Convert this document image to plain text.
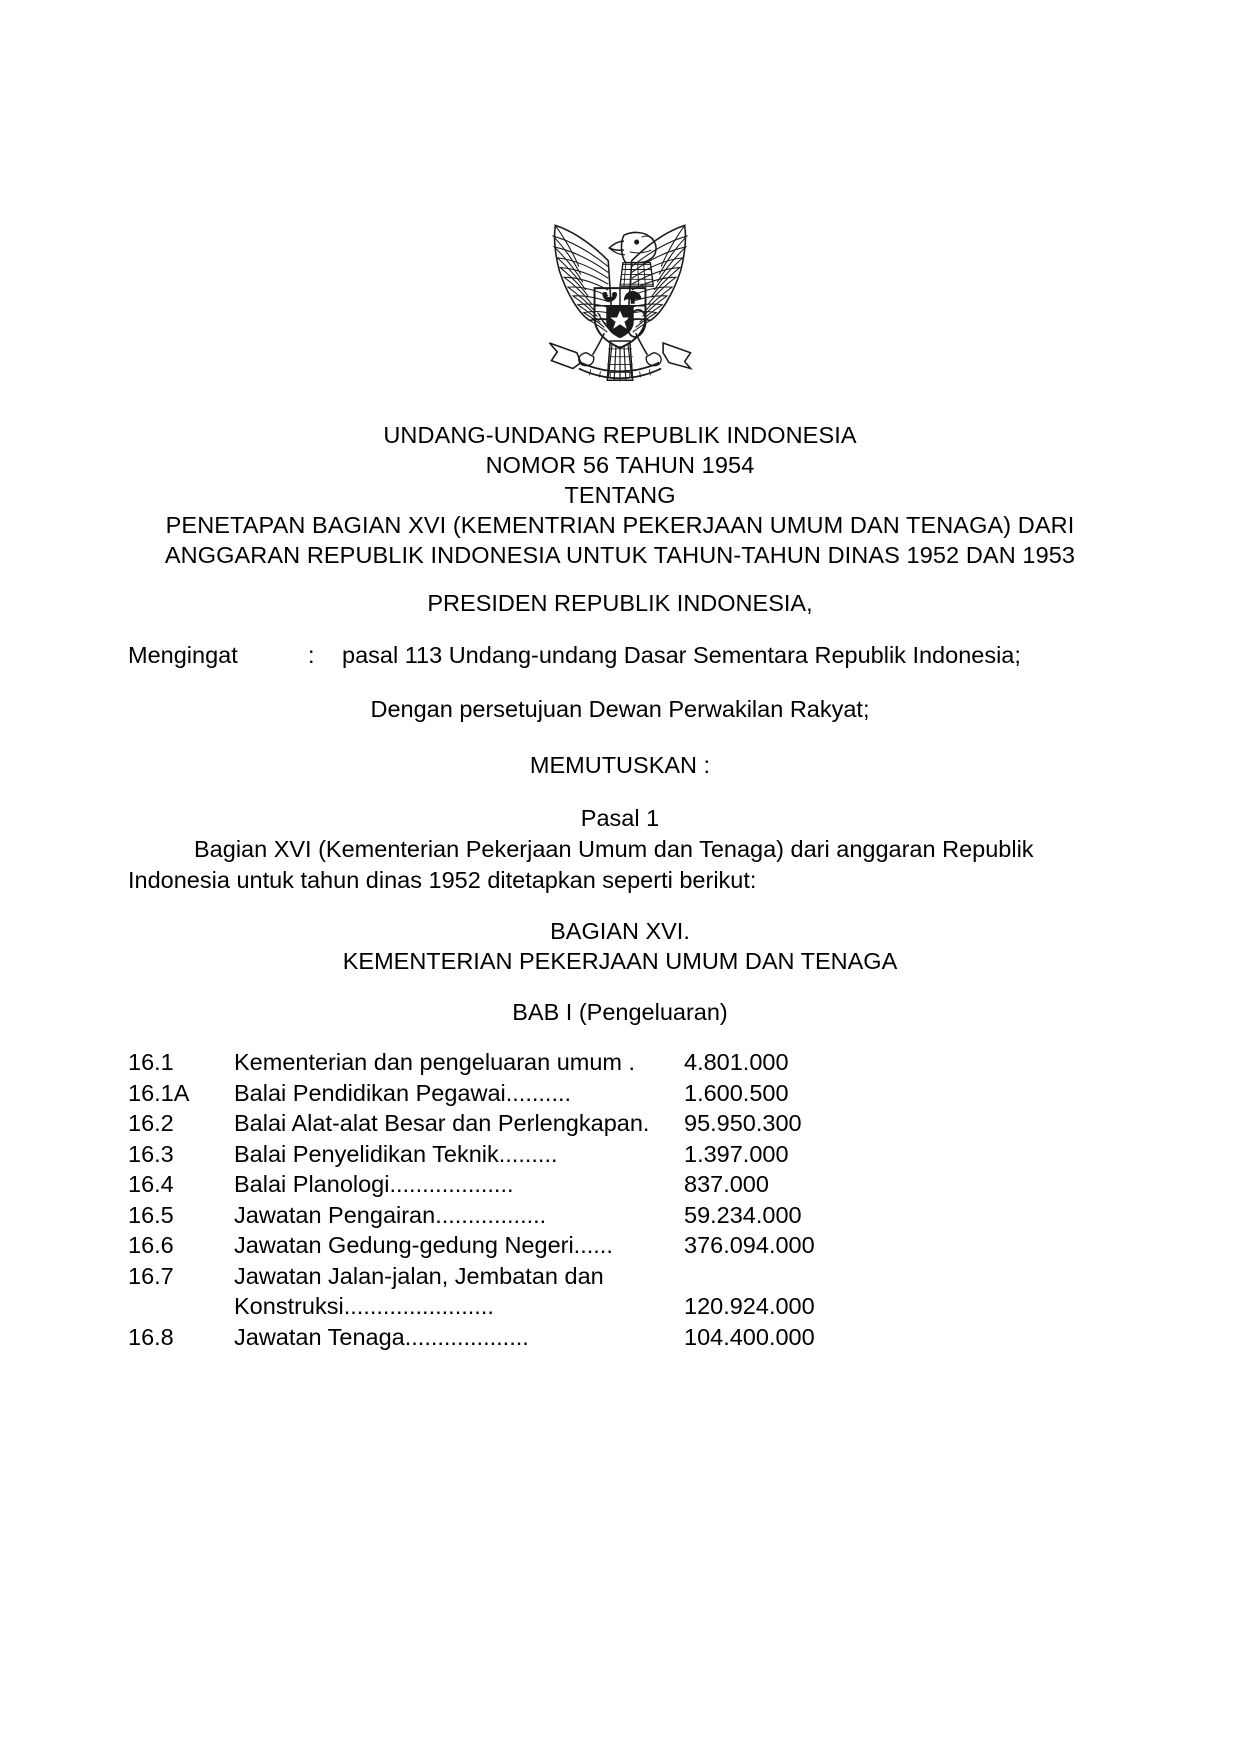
UNDANG-UNDANG REPUBLIK INDONESIA
NOMOR 56 TAHUN 1954
TENTANG
PENETAPAN BAGIAN XVI (KEMENTRIAN PEKERJAAN UMUM DAN TENAGA) DARI
ANGGARAN REPUBLIK INDONESIA UNTUK TAHUN-TAHUN DINAS 1952 DAN 1953
PRESIDEN REPUBLIK INDONESIA,
Mengingat	:	pasal 113 Undang-undang Dasar Sementara Republik Indonesia;
Dengan persetujuan Dewan Perwakilan Rakyat;
MEMUTUSKAN :
Pasal 1
Bagian XVI (Kementerian Pekerjaan Umum dan Tenaga) dari anggaran Republik
Indonesia untuk tahun dinas 1952 ditetapkan seperti berikut:
BAGIAN XVI.
KEMENTERIAN PEKERJAAN UMUM DAN TENAGA
BAB I (Pengeluaran)
16.1	Kementerian dan pengeluaran umum .	4.801.000
16.1A	Balai Pendidikan Pegawai..........	1.600.500
16.2	Balai Alat-alat Besar dan Perlengkapan.	95.950.300
16.3	Balai Penyelidikan Teknik.........	1.397.000
16.4	Balai Planologi...................	837.000
16.5	Jawatan Pengairan.................	59.234.000
16.6	Jawatan Gedung-gedung Negeri......	376.094.000
16.7	Jawatan Jalan-jalan, Jembatan dan
Konstruksi.......................	120.924.000
16.8	Jawatan Tenaga...................	104.400.000
